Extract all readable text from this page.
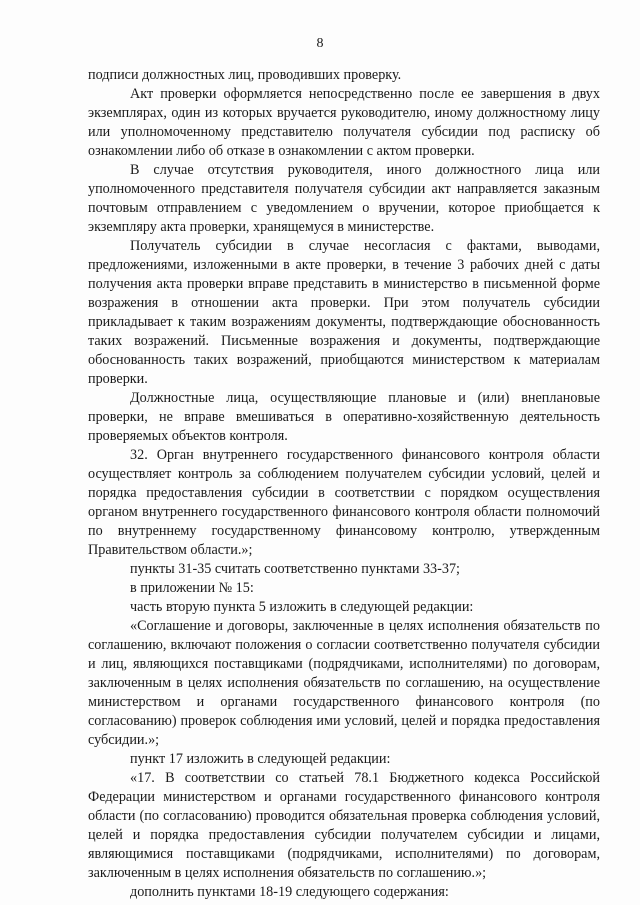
8

подписи должностных лиц, проводивших проверку.

Акт проверки оформляется непосредственно после ее завершения в двух экземплярах, один из которых вручается руководителю, иному должностному лицу или уполномоченному представителю получателя субсидии под расписку об ознакомлении либо об отказе в ознакомлении с актом проверки.

В случае отсутствия руководителя, иного должностного лица или уполномоченного представителя получателя субсидии акт направляется заказным почтовым отправлением с уведомлением о вручении, которое приобщается к экземпляру акта проверки, хранящемуся в министерстве.

Получатель субсидии в случае несогласия с фактами, выводами, предложениями, изложенными в акте проверки, в течение 3 рабочих дней с даты получения акта проверки вправе представить в министерство в письменной форме возражения в отношении акта проверки. При этом получатель субсидии прикладывает к таким возражениям документы, подтверждающие обоснованность таких возражений. Письменные возражения и документы, подтверждающие обоснованность таких возражений, приобщаются министерством к материалам проверки.

Должностные лица, осуществляющие плановые и (или) внеплановые проверки, не вправе вмешиваться в оперативно-хозяйственную деятельность проверяемых объектов контроля.

32. Орган внутреннего государственного финансового контроля области осуществляет контроль за соблюдением получателем субсидии условий, целей и порядка предоставления субсидии в соответствии с порядком осуществления органом внутреннего государственного финансового контроля области полномочий по внутреннему государственному финансовому контролю, утвержденным Правительством области.»;

пункты 31-35 считать соответственно пунктами 33-37;

в приложении № 15:

часть вторую пункта 5 изложить в следующей редакции:

«Соглашение и договоры, заключенные в целях исполнения обязательств по соглашению, включают положения о согласии соответственно получателя субсидии и лиц, являющихся поставщиками (подрядчиками, исполнителями) по договорам, заключенным в целях исполнения обязательств по соглашению, на осуществление министерством и органами государственного финансового контроля (по согласованию) проверок соблюдения ими условий, целей и порядка предоставления субсидии.»;

пункт 17 изложить в следующей редакции:

«17. В соответствии со статьей 78.1 Бюджетного кодекса Российской Федерации министерством и органами государственного финансового контроля области (по согласованию) проводится обязательная проверка соблюдения условий, целей и порядка предоставления субсидии получателем субсидии и лицами, являющимися поставщиками (подрядчиками, исполнителями) по договорам, заключенным в целях исполнения обязательств по соглашению.»;

дополнить пунктами 18-19 следующего содержания:
